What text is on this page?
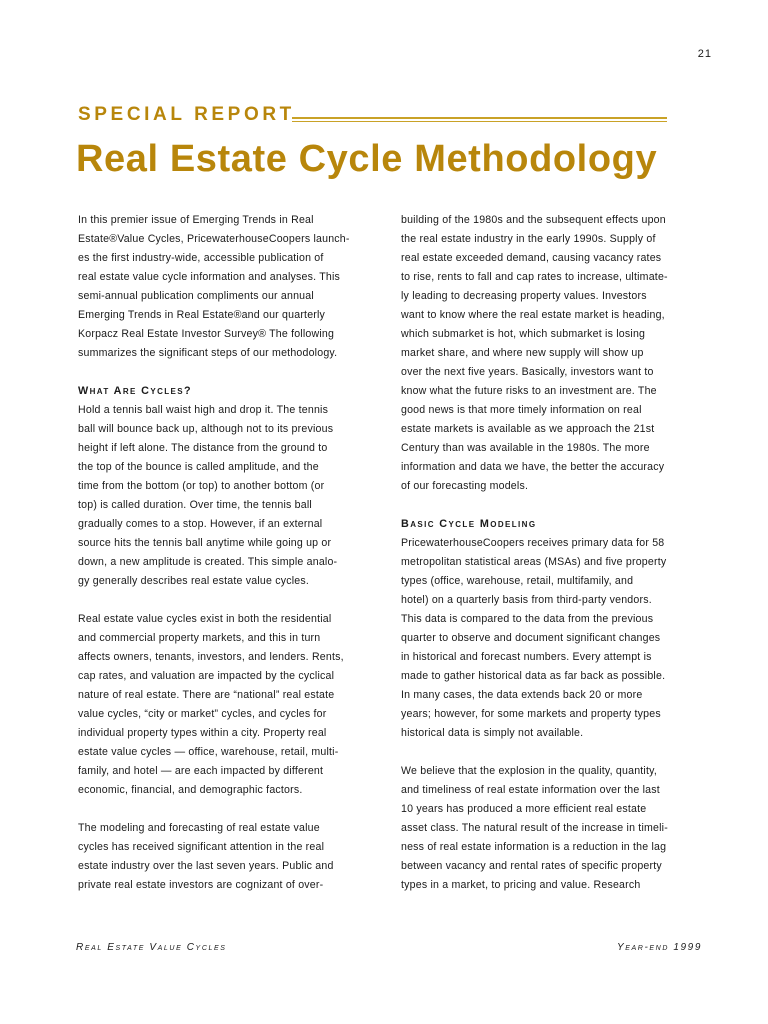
21
SPECIAL REPORT
Real Estate Cycle Methodology

In this premier issue of Emerging Trends in Real
Estate®Value Cycles, PricewaterhouseCoopers launch-
es the first industry-wide, accessible publication of
real estate value cycle information and analyses. This
semi-annual publication compliments our annual
Emerging Trends in Real Estate®and our quarterly
Korpacz Real Estate Investor Survey® The following
summarizes the significant steps of our methodology.

What Are Cycles?

Hold a tennis ball waist high and drop it. The tennis
ball will bounce back up, although not to its previous
height if left alone. The distance from the ground to
the top of the bounce is called amplitude, and the
time from the bottom (or top) to another bottom (or
top) is called duration. Over time, the tennis ball
gradually comes to a stop. However, if an external
source hits the tennis ball anytime while going up or
down, a new amplitude is created. This simple analo-
gy generally describes real estate value cycles.

Real estate value cycles exist in both the residential
and commercial property markets, and this in turn
affects owners, tenants, investors, and lenders. Rents,
cap rates, and valuation are impacted by the cyclical
nature of real estate. There are “national” real estate
value cycles, “city or market” cycles, and cycles for
individual property types within a city. Property real
estate value cycles — office, warehouse, retail, multi-
family, and hotel — are each impacted by different
economic, financial, and demographic factors.

The modeling and forecasting of real estate value
cycles has received significant attention in the real
estate industry over the last seven years. Public and
private real estate investors are cognizant of over-

building of the 1980s and the subsequent effects upon
the real estate industry in the early 1990s. Supply of
real estate exceeded demand, causing vacancy rates
to rise, rents to fall and cap rates to increase, ultimate-
ly leading to decreasing property values. Investors
want to know where the real estate market is heading,
which submarket is hot, which submarket is losing
market share, and where new supply will show up
over the next five years. Basically, investors want to
know what the future risks to an investment are. The
good news is that more timely information on real
estate markets is available as we approach the 21st
Century than was available in the 1980s. The more
information and data we have, the better the accuracy
of our forecasting models.

Basic Cycle Modeling

PricewaterhouseCoopers receives primary data for 58
metropolitan statistical areas (MSAs) and five property
types (office, warehouse, retail, multifamily, and
hotel) on a quarterly basis from third-party vendors.
This data is compared to the data from the previous
quarter to observe and document significant changes
in historical and forecast numbers. Every attempt is
made to gather historical data as far back as possible.
In many cases, the data extends back 20 or more
years; however, for some markets and property types
historical data is simply not available.

We believe that the explosion in the quality, quantity,
and timeliness of real estate information over the last
10 years has produced a more efficient real estate
asset class. The natural result of the increase in timeli-
ness of real estate information is a reduction in the lag
between vacancy and rental rates of specific property
types in a market, to pricing and value. Research

Real Estate Value Cycles	Year-end 1999
